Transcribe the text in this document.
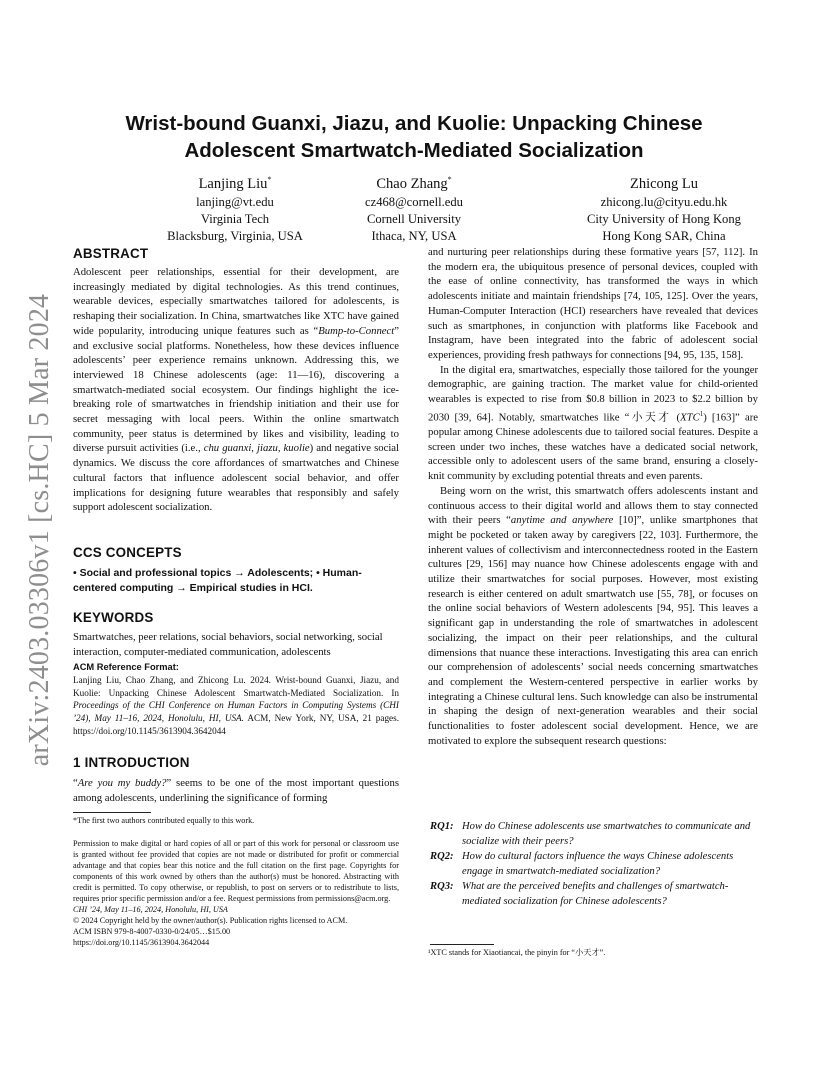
arXiv:2403.03306v1 [cs.HC] 5 Mar 2024
Wrist-bound Guanxi, Jiazu, and Kuolie: Unpacking Chinese
Adolescent Smartwatch-Mediated Socialization
Lanjing Liu*
lanjing@vt.edu
Virginia Tech
Blacksburg, Virginia, USA
Chao Zhang*
cz468@cornell.edu
Cornell University
Ithaca, NY, USA
Zhicong Lu
zhicong.lu@cityu.edu.hk
City University of Hong Kong
Hong Kong SAR, China
ABSTRACT

Adolescent peer relationships, essential for their development, are increasingly mediated by digital technologies. As this trend continues, wearable devices, especially smartwatches tailored for adolescents, is reshaping their socialization. In China, smartwatches like XTC have gained wide popularity, introducing unique features such as “Bump-to-Connect” and exclusive social platforms. Nonetheless, how these devices influence adolescents’ peer experience remains unknown. Addressing this, we interviewed 18 Chinese adolescents (age: 11—16), discovering a smartwatch-mediated social ecosystem. Our findings highlight the ice-breaking role of smartwatches in friendship initiation and their use for secret messaging with local peers. Within the online smartwatch community, peer status is determined by likes and visibility, leading to diverse pursuit activities (i.e., chu guanxi, jiazu, kuolie) and negative social dynamics. We discuss the core affordances of smartwatches and Chinese cultural factors that influence adolescent social behavior, and offer implications for designing future wearables that responsibly and safely support adolescent socialization.

CCS CONCEPTS

• Social and professional topics → Adolescents; • Human-centered computing → Empirical studies in HCI.

KEYWORDS

Smartwatches, peer relations, social behaviors, social networking, social interaction, computer-mediated communication, adolescents

ACM Reference Format:

Lanjing Liu, Chao Zhang, and Zhicong Lu. 2024. Wrist-bound Guanxi, Jiazu, and Kuolie: Unpacking Chinese Adolescent Smartwatch-Mediated Socialization. In Proceedings of the CHI Conference on Human Factors in Computing Systems (CHI ’24), May 11–16, 2024, Honolulu, HI, USA. ACM, New York, NY, USA, 21 pages. https://doi.org/10.1145/3613904.3642044

1 INTRODUCTION

“Are you my buddy?” seems to be one of the most important questions among adolescents, underlining the significance of forming

*The first two authors contributed equally to this work.

Permission to make digital or hard copies of all or part of this work for personal or classroom use is granted without fee provided that copies are not made or distributed for profit or commercial advantage and that copies bear this notice and the full citation on the first page. Copyrights for components of this work owned by others than the author(s) must be honored. Abstracting with credit is permitted. To copy otherwise, or republish, to post on servers or to redistribute to lists, requires prior specific permission and/or a fee. Request permissions from permissions@acm.org.

CHI ’24, May 11–16, 2024, Honolulu, HI, USA

© 2024 Copyright held by the owner/author(s). Publication rights licensed to ACM.

ACM ISBN 979-8-4007-0330-0/24/05…$15.00

https://doi.org/10.1145/3613904.3642044

and nurturing peer relationships during these formative years [57, 112]. In the modern era, the ubiquitous presence of personal devices, coupled with the ease of online connectivity, has transformed the ways in which adolescents initiate and maintain friendships [74, 105, 125]. Over the years, Human-Computer Interaction (HCI) researchers have revealed that devices such as smartphones, in conjunction with platforms like Facebook and Instagram, have been integrated into the fabric of adolescent social experiences, providing fresh pathways for connections [94, 95, 135, 158].

In the digital era, smartwatches, especially those tailored for the younger demographic, are gaining traction. The market value for child-oriented wearables is expected to rise from $0.8 billion in 2023 to $2.2 billion by 2030 [39, 64]. Notably, smartwatches like “小天才 (XTC$^1$) [163]” are popular among Chinese adolescents due to tailored social features. Despite a screen under two inches, these watches have a dedicated social network, accessible only to adolescent users of the same brand, ensuring a closely-knit community by excluding potential threats and even parents.

Being worn on the wrist, this smartwatch offers adolescents instant and continuous access to their digital world and allows them to stay connected with their peers “anytime and anywhere [10]”, unlike smartphones that might be pocketed or taken away by caregivers [22, 103]. Furthermore, the inherent values of collectivism and interconnectedness rooted in the Eastern cultures [29, 156] may nuance how Chinese adolescents engage with and utilize their smartwatches for social purposes. However, most existing research is either centered on adult smartwatch use [55, 78], or focuses on the online social behaviors of Western adolescents [94, 95]. This leaves a significant gap in understanding the role of smartwatches in adolescent socializing, the impact on their peer relationships, and the cultural dimensions that nuance these interactions. Investigating this area can enrich our comprehension of adolescents’ social needs concerning smartwatches and complement the Western-centered perspective in earlier works by integrating a Chinese cultural lens. Such knowledge can also be instrumental in shaping the design of next-generation wearables and their social functionalities to foster adolescent social development. Hence, we are motivated to explore the subsequent research questions:

RQ1: How do Chinese adolescents use smartwatches to communicate and socialize with their peers?
RQ2: How do cultural factors influence the ways Chinese adolescents engage in smartwatch-mediated socialization?
RQ3: What are the perceived benefits and challenges of smartwatch-mediated socialization for Chinese adolescents?

¹XTC stands for Xiaotiancai, the pinyin for “小天才”.
